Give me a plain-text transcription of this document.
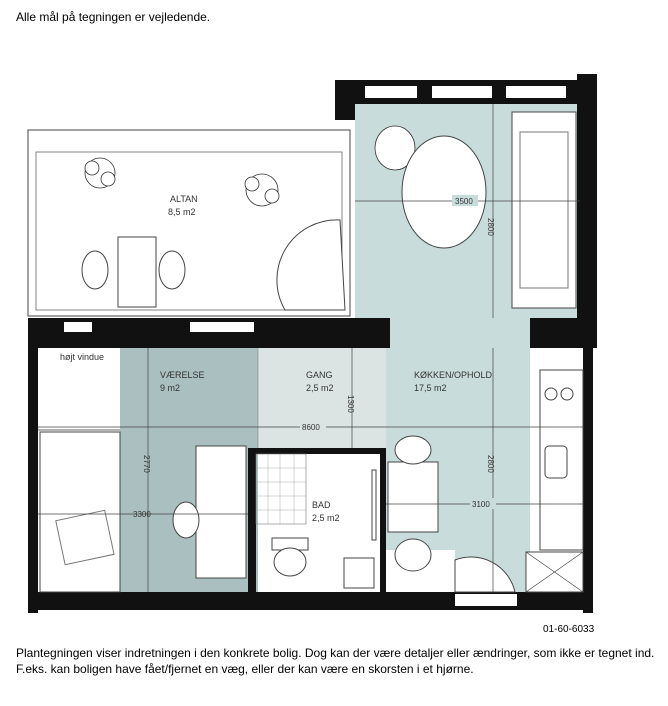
Alle mål på tegningen er vejledende.
ALTAN
8,5 m2
VÆRELSE
9 m2
GANG
2,5 m2
KØKKEN/OPHOLD
17,5 m2
BAD
2,5 m2
højt vindue
3500
2800
1300
8600
2770
3300
2800
3100
01-60-6033
Plantegningen viser indretningen i den konkrete bolig. Dog kan der være detaljer eller ændringer, som ikke er tegnet ind. F.eks. kan boligen have fået/fjernet en væg, eller der kan være en skorsten i et hjørne.
